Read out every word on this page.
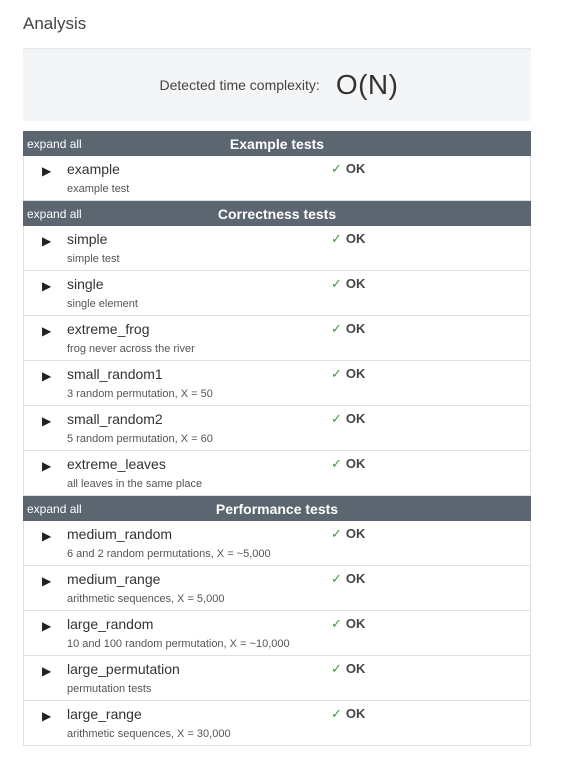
Analysis
Detected time complexity: O(N)
expand all	Example tests
▶ example
example test
✓ OK
expand all	Correctness tests
▶ simple
simple test
✓ OK
▶ single
single element
✓ OK
▶ extreme_frog
frog never across the river
✓ OK
▶ small_random1
3 random permutation, X = 50
✓ OK
▶ small_random2
5 random permutation, X = 60
✓ OK
▶ extreme_leaves
all leaves in the same place
✓ OK
expand all	Performance tests
▶ medium_random
6 and 2 random permutations, X = ~5,000
✓ OK
▶ medium_range
arithmetic sequences, X = 5,000
✓ OK
▶ large_random
10 and 100 random permutation, X = ~10,000
✓ OK
▶ large_permutation
permutation tests
✓ OK
▶ large_range
arithmetic sequences, X = 30,000
✓ OK
